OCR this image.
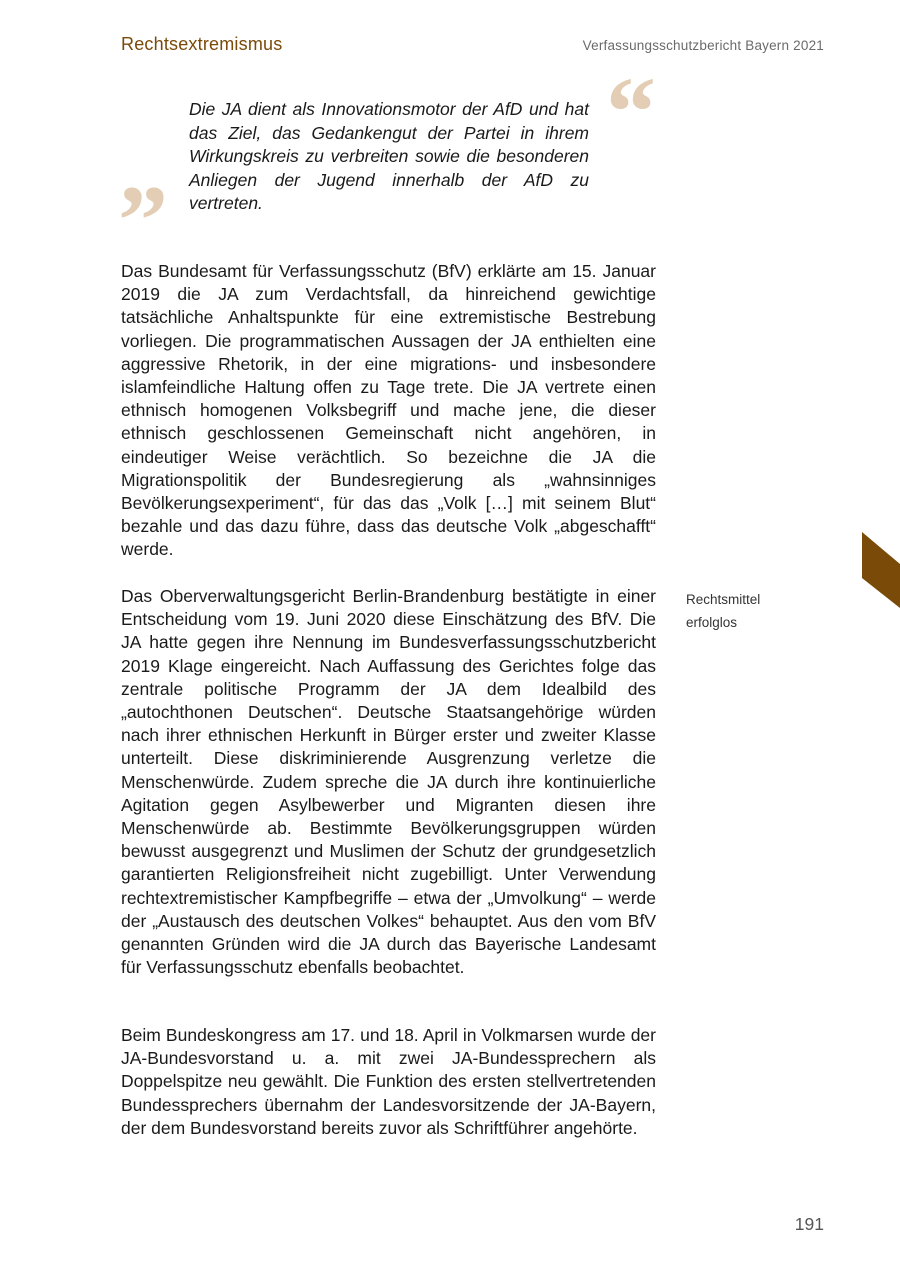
Rechtsextremismus	Verfassungsschutzbericht Bayern 2021
“

Die JA dient als Innovationsmotor der AfD und hat das Ziel, das Gedankengut der Partei in ihrem Wirkungskreis zu verbreiten sowie die besonderen Anliegen der Jugend innerhalb der AfD zu vertreten.

”

Das Bundesamt für Verfassungsschutz (BfV) erklärte am 15. Januar 2019 die JA zum Verdachtsfall, da hinreichend gewichtige tatsächliche Anhaltspunkte für eine extremistische Bestrebung vorliegen. Die programmatischen Aussagen der JA enthielten eine aggressive Rhetorik, in der eine migrations- und insbesondere islamfeindliche Haltung offen zu Tage trete. Die JA vertrete einen ethnisch homogenen Volksbegriff und mache jene, die dieser ethnisch geschlossenen Gemeinschaft nicht angehören, in eindeutiger Weise verächtlich. So bezeichne die JA die Migrationspolitik der Bundesregierung als „wahnsinniges Bevölkerungsexperiment“, für das das „Volk […] mit seinem Blut“ bezahle und das dazu führe, dass das deutsche Volk „abgeschafft“ werde.

Das Oberverwaltungsgericht Berlin-Brandenburg bestätigte in einer Entscheidung vom 19. Juni 2020 diese Einschätzung des BfV. Die JA hatte gegen ihre Nennung im Bundesverfassungsschutzbericht 2019 Klage eingereicht. Nach Auffassung des Gerichtes folge das zentrale politische Programm der JA dem Idealbild des „autochthonen Deutschen“. Deutsche Staatsangehörige würden nach ihrer ethnischen Herkunft in Bürger erster und zweiter Klasse unterteilt. Diese diskriminierende Ausgrenzung verletze die Menschenwürde. Zudem spreche die JA durch ihre kontinuierliche Agitation gegen Asylbewerber und Migranten diesen ihre Menschenwürde ab. Bestimmte Bevölkerungsgruppen würden bewusst ausgegrenzt und Muslimen der Schutz der grundgesetzlich garantierten Religionsfreiheit nicht zugebilligt. Unter Verwendung rechtextremistischer Kampfbegriffe – etwa der „Umvolkung“ – werde der „Austausch des deutschen Volkes“ behauptet. Aus den vom BfV genannten Gründen wird die JA durch das Bayerische Landesamt für Verfassungsschutz ebenfalls beobachtet.

Beim Bundeskongress am 17. und 18. April in Volkmarsen wurde der JA-Bundesvorstand u. a. mit zwei JA-Bundessprechern als Doppelspitze neu gewählt. Die Funktion des ersten stellvertretenden Bundessprechers übernahm der Landesvorsitzende der JA-Bayern, der dem Bundesvorstand bereits zuvor als Schriftführer angehörte.

Rechtsmittel
erfolglos
191
